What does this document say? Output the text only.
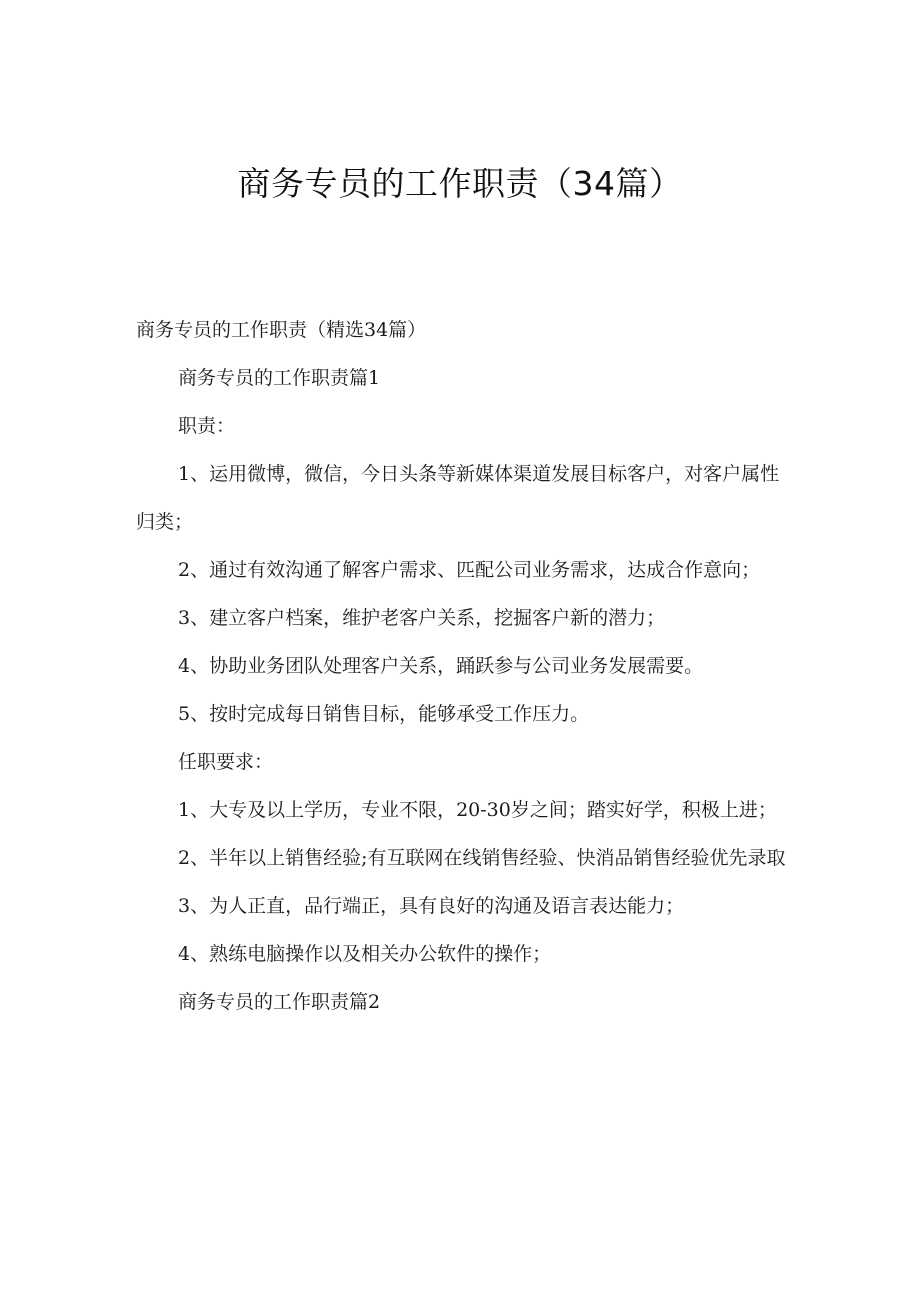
商务专员的工作职责（34篇）

商务专员的工作职责（精选34篇）

商务专员的工作职责篇1

职责：

1、运用微博，微信，今日头条等新媒体渠道发展目标客户，对客户属性归类；

2、通过有效沟通了解客户需求、匹配公司业务需求，达成合作意向；

3、建立客户档案，维护老客户关系，挖掘客户新的潜力；

4、协助业务团队处理客户关系，踊跃参与公司业务发展需要。

5、按时完成每日销售目标，能够承受工作压力。

任职要求：

1、大专及以上学历，专业不限，20-30岁之间；踏实好学，积极上进；

2、半年以上销售经验;有互联网在线销售经验、快消品销售经验优先录取

3、为人正直，品行端正，具有良好的沟通及语言表达能力；

4、熟练电脑操作以及相关办公软件的操作；

商务专员的工作职责篇2
